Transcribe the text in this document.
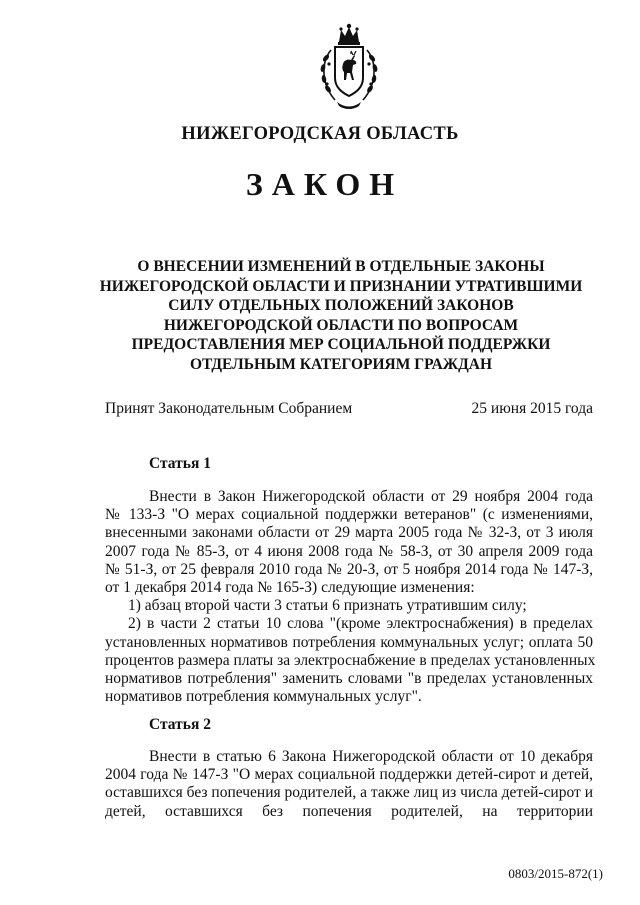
НИЖЕГОРОДСКАЯ ОБЛАСТЬ
ЗАКОН
О ВНЕСЕНИИ ИЗМЕНЕНИЙ В ОТДЕЛЬНЫЕ ЗАКОНЫ
НИЖЕГОРОДСКОЙ ОБЛАСТИ И ПРИЗНАНИИ УТРАТИВШИМИ
СИЛУ ОТДЕЛЬНЫХ ПОЛОЖЕНИЙ ЗАКОНОВ
НИЖЕГОРОДСКОЙ ОБЛАСТИ ПО ВОПРОСАМ
ПРЕДОСТАВЛЕНИЯ МЕР СОЦИАЛЬНОЙ ПОДДЕРЖКИ
ОТДЕЛЬНЫМ КАТЕГОРИЯМ ГРАЖДАН
Принят Законодательным Собранием	25 июня 2015 года
Статья 1
Внести в Закон Нижегородской области от 29 ноября 2004 года
№ 133-З "О мерах социальной поддержки ветеранов" (с изменениями,
внесенными законами области от 29 марта 2005 года № 32-З, от 3 июля
2007 года № 85-З, от 4 июня 2008 года № 58-З, от 30 апреля 2009 года
№ 51-З, от 25 февраля 2010 года № 20-З, от 5 ноября 2014 года № 147-З,
от 1 декабря 2014 года № 165-З) следующие изменения:
1) абзац второй части 3 статьи 6 признать утратившим силу;
2) в части 2 статьи 10 слова "(кроме электроснабжения) в пределах
установленных нормативов потребления коммунальных услуг; оплата 50
процентов размера платы за электроснабжение в пределах установленных
нормативов потребления" заменить словами "в пределах установленных
нормативов потребления коммунальных услуг".
Статья 2
Внести в статью 6 Закона Нижегородской области от 10 декабря
2004 года № 147-З "О мерах социальной поддержки детей-сирот и детей,
оставшихся без попечения родителей, а также лиц из числа детей-сирот и
детей, оставшихся без попечения родителей, на территории
0803/2015-872(1)
